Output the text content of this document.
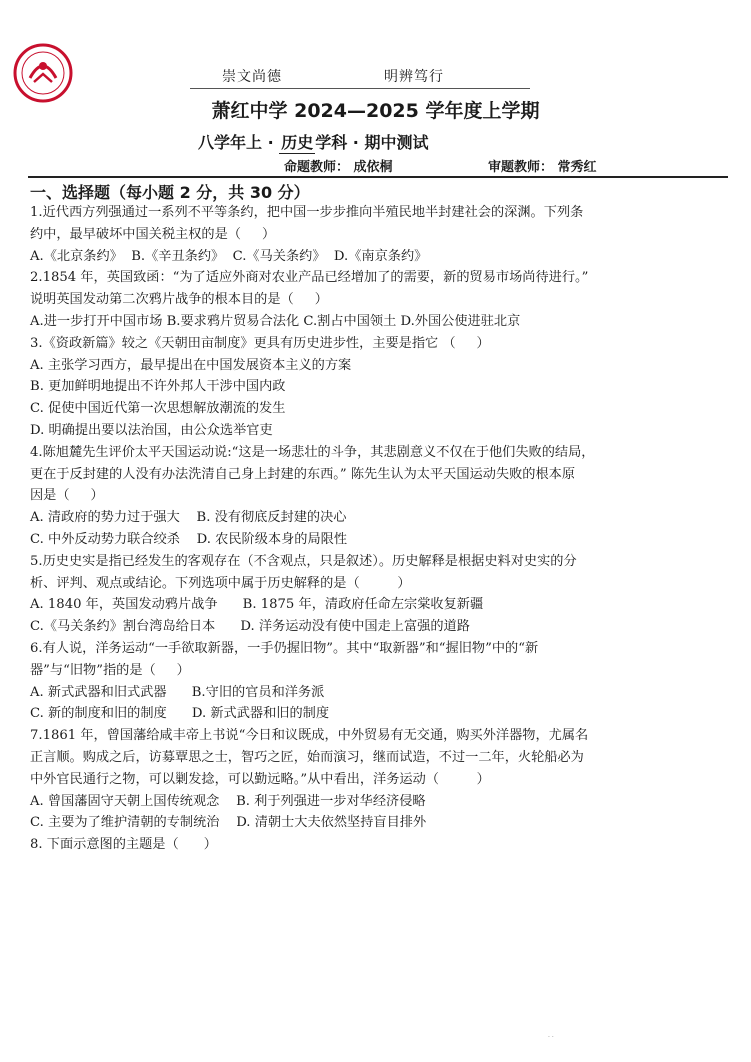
崇文尚德	明辨笃行
萧红中学 2024—2025 学年度上学期
八学年上 · 历史 学科 · 期中测试
命题教师： 成依桐	审题教师： 常秀红
一、选择题（每小题 2 分，共 30 分）

1.近代西方列强通过一系列不平等条约，把中国一步步推向半殖民地半封建社会的深渊。下列条

约中，最早破坏中国关税主权的是（     ）

A.《北京条约》  B.《辛丑条约》  C.《马关条约》  D.《南京条约》

2.1854 年，英国致函：“为了适应外商对农业产品已经增加了的需要，新的贸易市场尚待进行。”

说明英国发动第二次鸦片战争的根本目的是（     ）

A.进一步打开中国市场 B.要求鸦片贸易合法化 C.割占中国领土 D.外国公使进驻北京

3.《资政新篇》较之《天朝田亩制度》更具有历史进步性，主要是指它 （     ）

A. 主张学习西方，最早提出在中国发展资本主义的方案

B. 更加鲜明地提出不许外邦人干涉中国内政

C. 促使中国近代第一次思想解放潮流的发生

D. 明确提出要以法治国，由公众选举官吏

4.陈旭麓先生评价太平天国运动说:“这是一场悲壮的斗争，其悲剧意义不仅在于他们失败的结局，

更在于反封建的人没有办法洗清自己身上封建的东西。” 陈先生认为太平天国运动失败的根本原

因是（     ）

A. 清政府的势力过于强大    B. 没有彻底反封建的决心

C. 中外反动势力联合绞杀    D. 农民阶级本身的局限性

5.历史史实是指已经发生的客观存在（不含观点，只是叙述）。历史解释是根据史料对史实的分

析、评判、观点或结论。下列选项中属于历史解释的是（         ）

A. 1840 年，英国发动鸦片战争      B. 1875 年，清政府任命左宗棠收复新疆

C.《马关条约》割台湾岛给日本      D. 洋务运动没有使中国走上富强的道路

6.有人说，洋务运动“一手欲取新器，一手仍握旧物”。其中“取新器”和“握旧物”中的“新

器”与“旧物”指的是（     ）

A. 新式武器和旧式武器      B.守旧的官员和洋务派

C. 新的制度和旧的制度      D. 新式武器和旧的制度

7.1861 年，曾国藩给咸丰帝上书说“今日和议既成，中外贸易有无交通，购买外洋器物，尤属名

正言顺。购成之后，访募覃思之士，智巧之匠，始而演习，继而试造，不过一二年，火轮船必为

中外官民通行之物，可以剿发捻，可以勤远略。”从中看出，洋务运动（         ）

A. 曾国藩固守天朝上国传统观念    B. 利于列强进一步对华经济侵略

C. 主要为了维护清朝的专制统治    D. 清朝士大夫依然坚持盲目排外

8. 下面示意图的主题是（      ）

· ·
